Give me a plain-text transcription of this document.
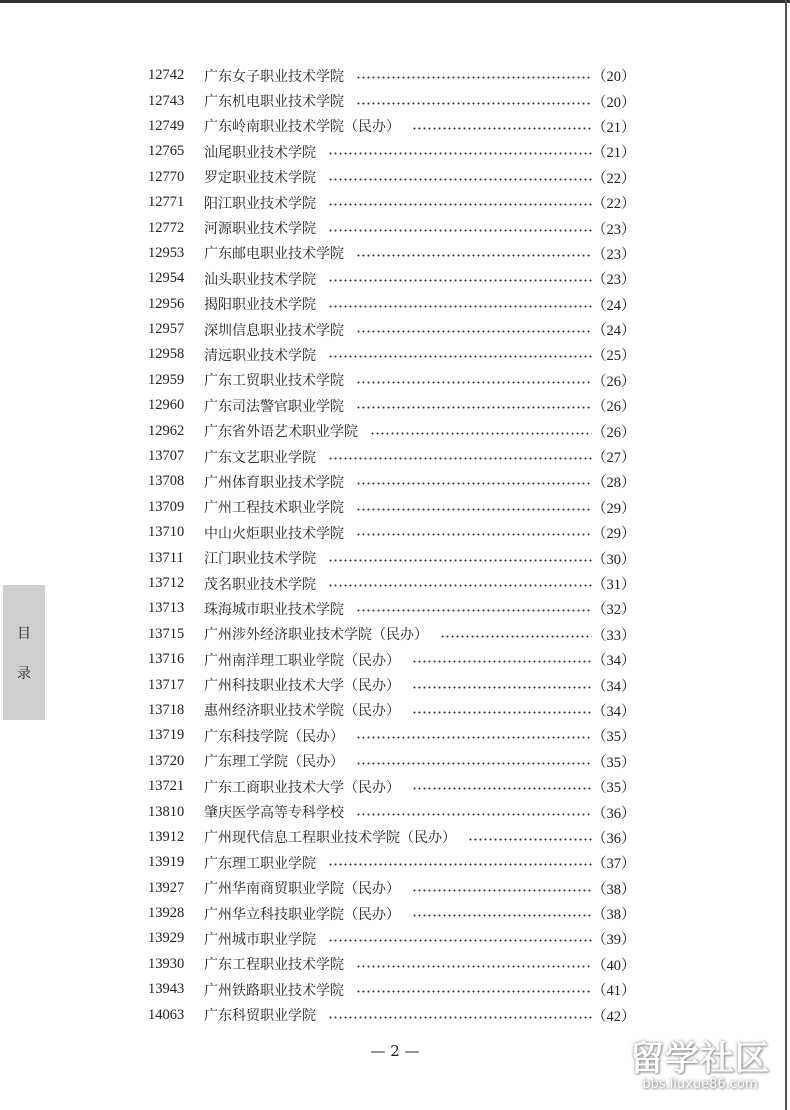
目
录
12742	广东女子职业技术学院	（20）
12743	广东机电职业技术学院	（20）
12749	广东岭南职业技术学院（民办）	（21）
12765	汕尾职业技术学院	（21）
12770	罗定职业技术学院	（22）
12771	阳江职业技术学院	（22）
12772	河源职业技术学院	（23）
12953	广东邮电职业技术学院	（23）
12954	汕头职业技术学院	（23）
12956	揭阳职业技术学院	（24）
12957	深圳信息职业技术学院	（24）
12958	清远职业技术学院	（25）
12959	广东工贸职业技术学院	（26）
12960	广东司法警官职业学院	（26）
12962	广东省外语艺术职业学院	（26）
13707	广东文艺职业学院	（27）
13708	广州体育职业技术学院	（28）
13709	广州工程技术职业学院	（29）
13710	中山火炬职业技术学院	（29）
13711	江门职业技术学院	（30）
13712	茂名职业技术学院	（31）
13713	珠海城市职业技术学院	（32）
13715	广州涉外经济职业技术学院（民办）	（33）
13716	广州南洋理工职业学院（民办）	（34）
13717	广州科技职业技术大学（民办）	（34）
13718	惠州经济职业技术学院（民办）	（34）
13719	广东科技学院（民办）	（35）
13720	广东理工学院（民办）	（35）
13721	广东工商职业技术大学（民办）	（35）
13810	肇庆医学高等专科学校	（36）
13912	广州现代信息工程职业技术学院（民办）	（36）
13919	广东理工职业学院	（37）
13927	广州华南商贸职业学院（民办）	（38）
13928	广州华立科技职业学院（民办）	（38）
13929	广州城市职业学院	（39）
13930	广东工程职业技术学院	（40）
13943	广州铁路职业技术学院	（41）
14063	广东科贸职业学院	（42）
— 2 —	留学社区
bbs.liuxue86.com
